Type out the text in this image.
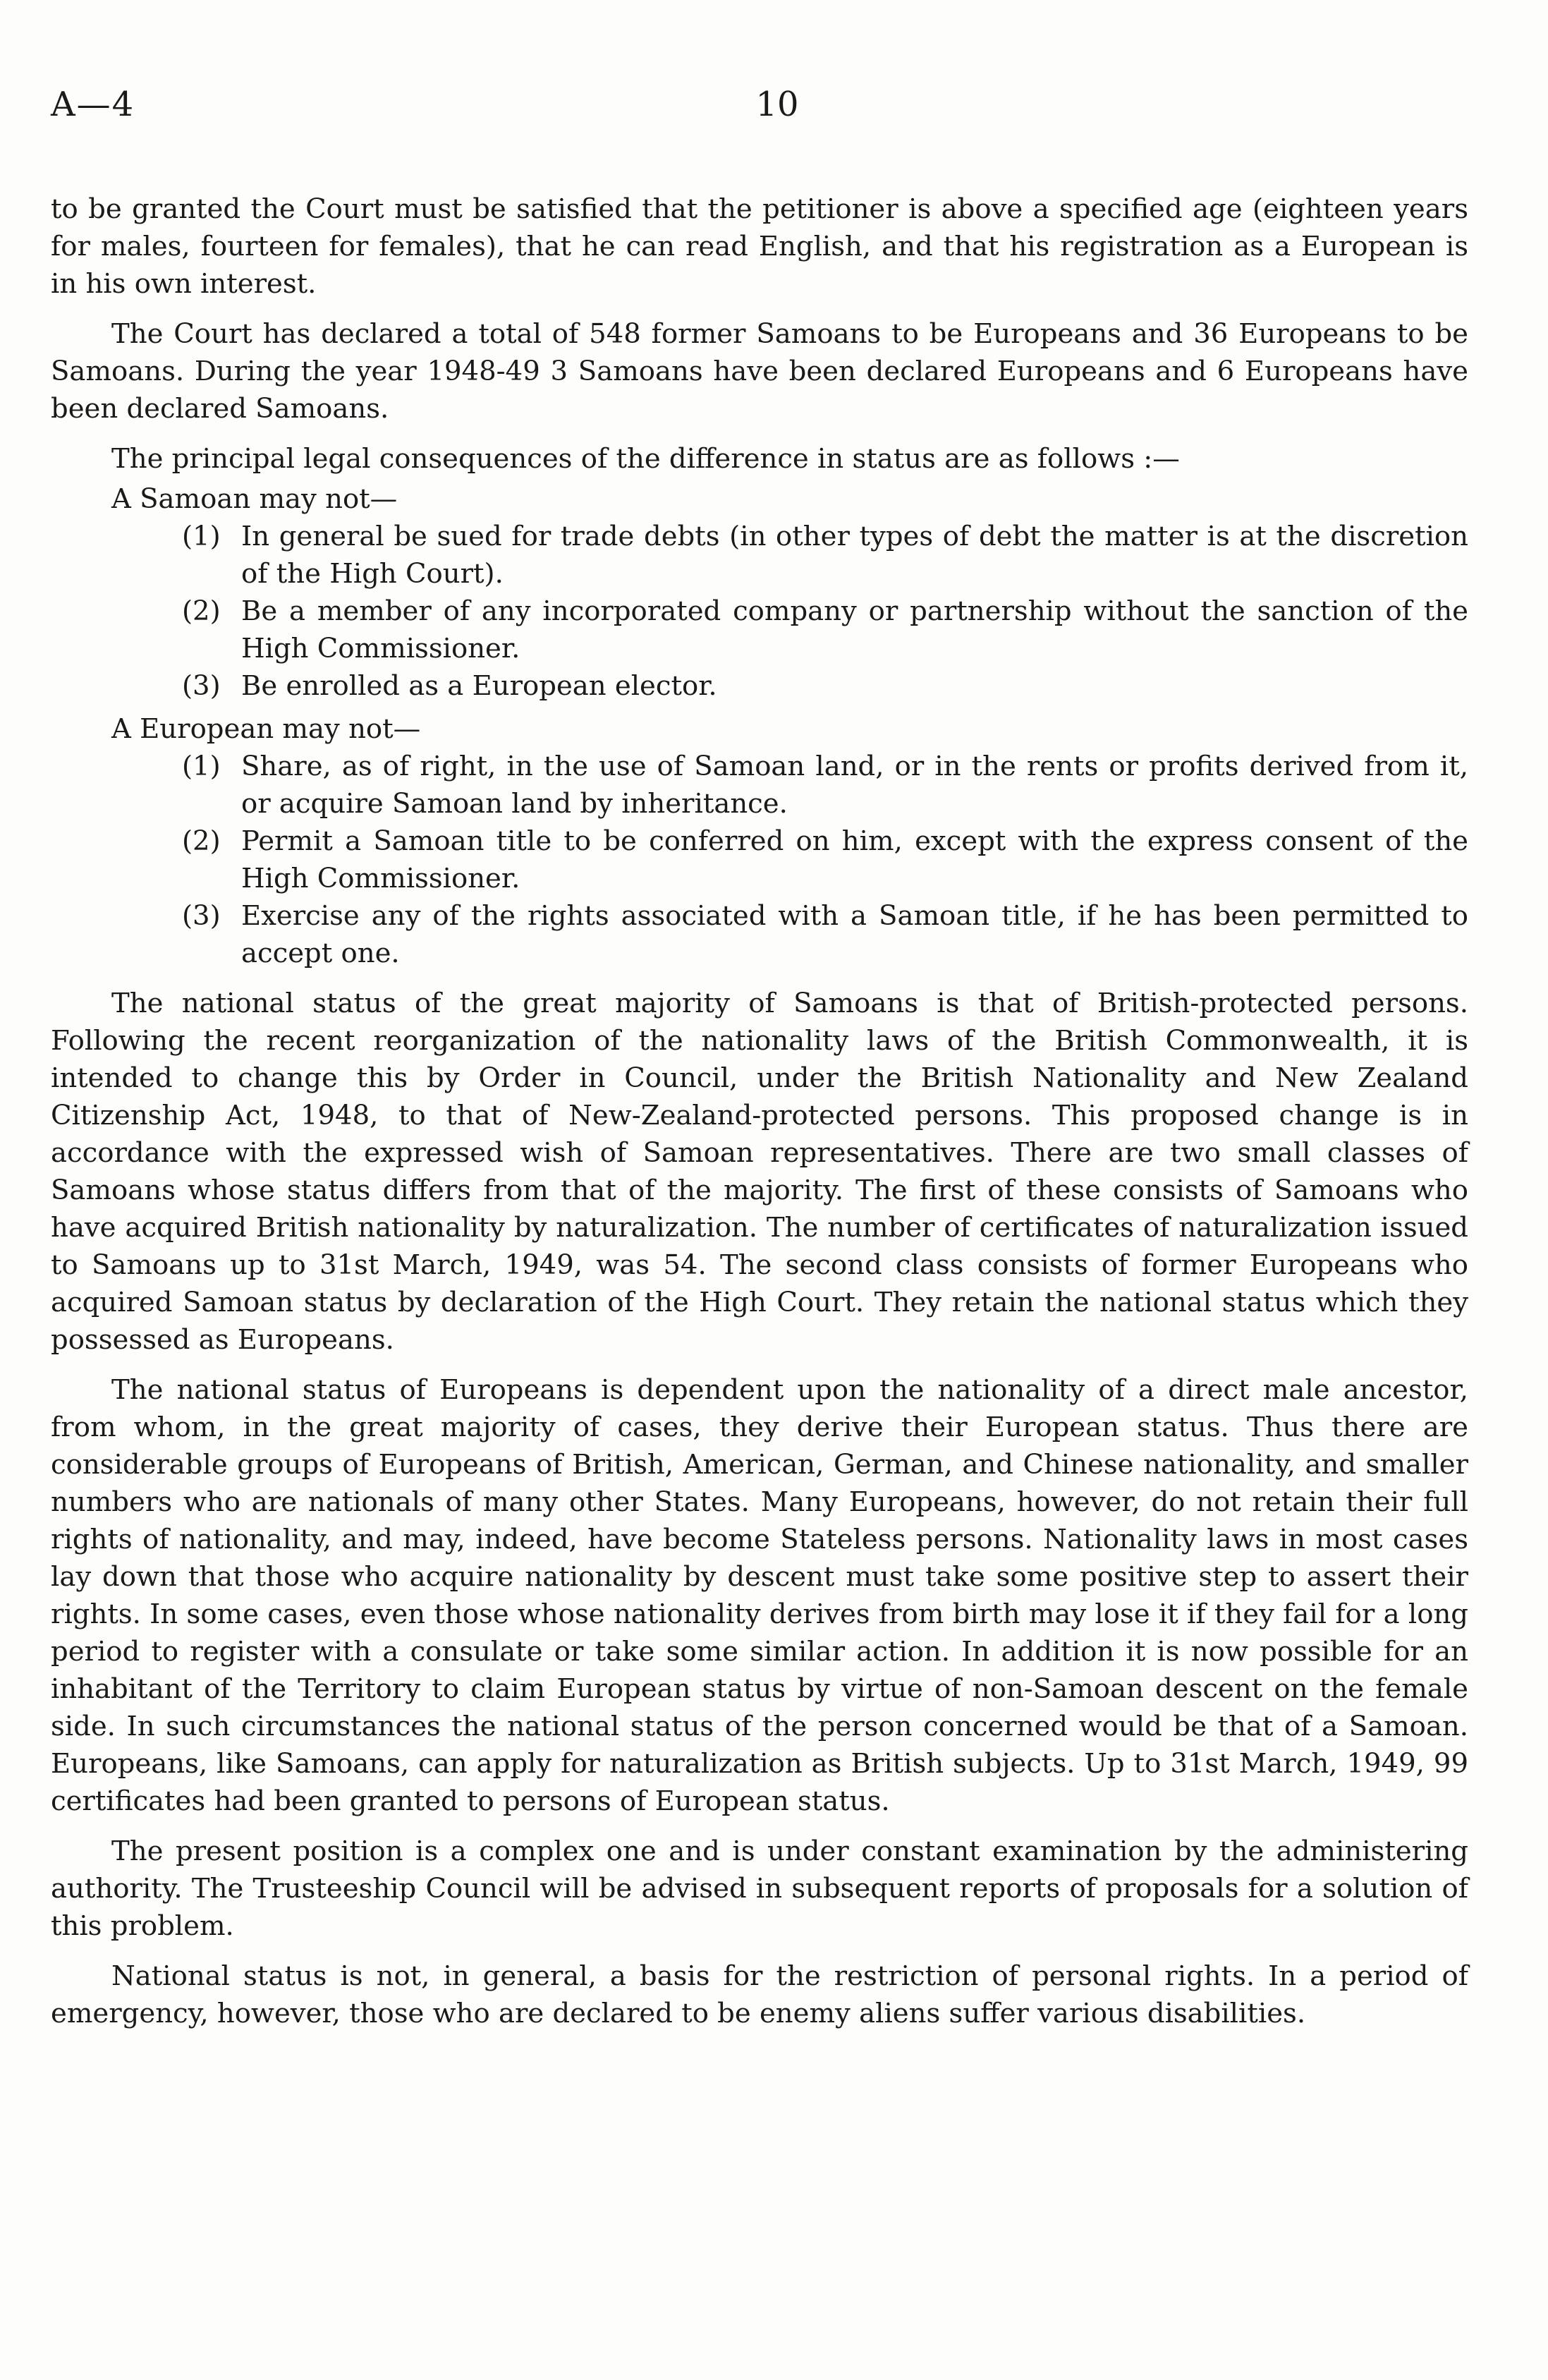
A—4	10

to be granted the Court must be satisfied that the petitioner is above a specified age (eighteen years for males, fourteen for females), that he can read English, and that his registration as a European is in his own interest.

The Court has declared a total of 548 former Samoans to be Europeans and 36 Europeans to be Samoans. During the year 1948-49 3 Samoans have been declared Europeans and 6 Europeans have been declared Samoans.

The principal legal consequences of the difference in status are as follows :—

A Samoan may not—

(1) In general be sued for trade debts (in other types of debt the matter is at the discretion of the High Court).
(2) Be a member of any incorporated company or partnership without the sanction of the High Commissioner.
(3) Be enrolled as a European elector.

A European may not—

(1) Share, as of right, in the use of Samoan land, or in the rents or profits derived from it, or acquire Samoan land by inheritance.
(2) Permit a Samoan title to be conferred on him, except with the express consent of the High Commissioner.
(3) Exercise any of the rights associated with a Samoan title, if he has been permitted to accept one.

The national status of the great majority of Samoans is that of British-protected persons. Following the recent reorganization of the nationality laws of the British Commonwealth, it is intended to change this by Order in Council, under the British Nationality and New Zealand Citizenship Act, 1948, to that of New-Zealand-protected persons. This proposed change is in accordance with the expressed wish of Samoan representatives. There are two small classes of Samoans whose status differs from that of the majority. The first of these consists of Samoans who have acquired British nationality by naturalization. The number of certificates of naturalization issued to Samoans up to 31st March, 1949, was 54. The second class consists of former Europeans who acquired Samoan status by declaration of the High Court. They retain the national status which they possessed as Europeans.

The national status of Europeans is dependent upon the nationality of a direct male ancestor, from whom, in the great majority of cases, they derive their European status. Thus there are considerable groups of Europeans of British, American, German, and Chinese nationality, and smaller numbers who are nationals of many other States. Many Europeans, however, do not retain their full rights of nationality, and may, indeed, have become Stateless persons. Nationality laws in most cases lay down that those who acquire nationality by descent must take some positive step to assert their rights. In some cases, even those whose nationality derives from birth may lose it if they fail for a long period to register with a consulate or take some similar action. In addition it is now possible for an inhabitant of the Territory to claim European status by virtue of non-Samoan descent on the female side. In such circumstances the national status of the person concerned would be that of a Samoan. Europeans, like Samoans, can apply for naturalization as British subjects. Up to 31st March, 1949, 99 certificates had been granted to persons of European status.

The present position is a complex one and is under constant examination by the administering authority. The Trusteeship Council will be advised in subsequent reports of proposals for a solution of this problem.

National status is not, in general, a basis for the restriction of personal rights. In a period of emergency, however, those who are declared to be enemy aliens suffer various disabilities.
